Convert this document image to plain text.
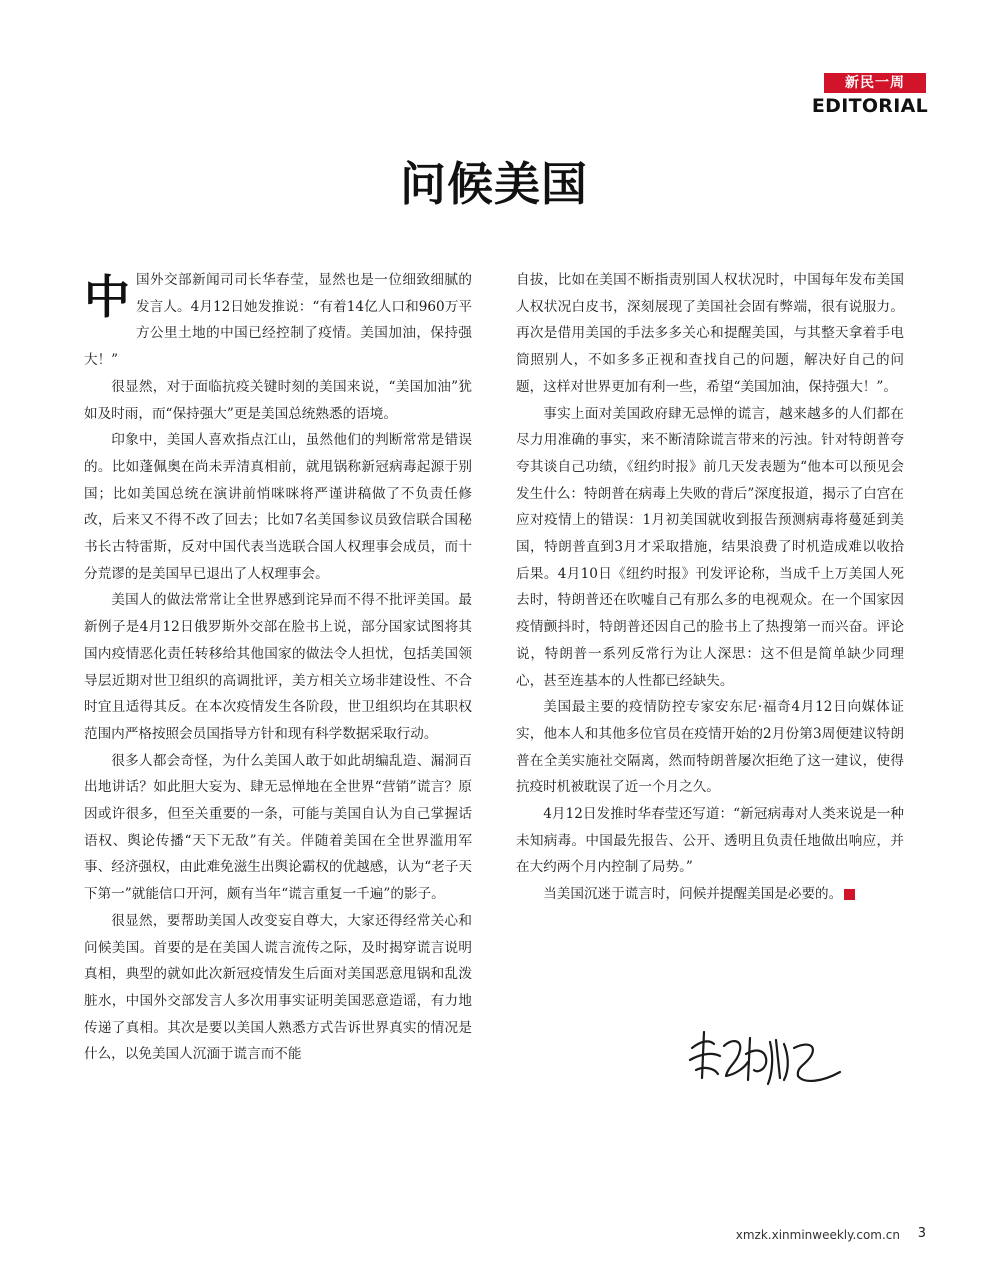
新民一周
EDITORIAL
问候美国

中国外交部新闻司司长华春莹，显然也是一位细致细腻的发言人。4月12日她发推说：“有着14亿人口和960万平方公里土地的中国已经控制了疫情。美国加油，保持强大！”

很显然，对于面临抗疫关键时刻的美国来说，“美国加油”犹如及时雨，而“保持强大”更是美国总统熟悉的语境。

印象中，美国人喜欢指点江山，虽然他们的判断常常是错误的。比如蓬佩奥在尚未弄清真相前，就甩锅称新冠病毒起源于别国；比如美国总统在演讲前悄咪咪将严谨讲稿做了不负责任修改，后来又不得不改了回去；比如7名美国参议员致信联合国秘书长古特雷斯，反对中国代表当选联合国人权理事会成员，而十分荒谬的是美国早已退出了人权理事会。

美国人的做法常常让全世界感到诧异而不得不批评美国。最新例子是4月12日俄罗斯外交部在脸书上说，部分国家试图将其国内疫情恶化责任转移给其他国家的做法令人担忧，包括美国领导层近期对世卫组织的高调批评，美方相关立场非建设性、不合时宜且适得其反。在本次疫情发生各阶段，世卫组织均在其职权范围内严格按照会员国指导方针和现有科学数据采取行动。

很多人都会奇怪，为什么美国人敢于如此胡编乱造、漏洞百出地讲话？如此胆大妄为、肆无忌惮地在全世界“营销”谎言？原因或许很多，但至关重要的一条，可能与美国自认为自己掌握话语权、舆论传播“天下无敌”有关。伴随着美国在全世界滥用军事、经济强权，由此难免滋生出舆论霸权的优越感，认为“老子天下第一”就能信口开河，颇有当年“谎言重复一千遍”的影子。

很显然，要帮助美国人改变妄自尊大，大家还得经常关心和问候美国。首要的是在美国人谎言流传之际，及时揭穿谎言说明真相，典型的就如此次新冠疫情发生后面对美国恶意甩锅和乱泼脏水，中国外交部发言人多次用事实证明美国恶意造谣，有力地传递了真相。其次是要以美国人熟悉方式告诉世界真实的情况是什么，以免美国人沉湎于谎言而不能

自拔，比如在美国不断指责别国人权状况时，中国每年发布美国人权状况白皮书，深刻展现了美国社会固有弊端，很有说服力。再次是借用美国的手法多多关心和提醒美国，与其整天拿着手电筒照别人，不如多多正视和查找自己的问题，解决好自己的问题，这样对世界更加有利一些，希望“美国加油，保持强大！”。

事实上面对美国政府肆无忌惮的谎言，越来越多的人们都在尽力用准确的事实，来不断清除谎言带来的污浊。针对特朗普夸夸其谈自己功绩，《纽约时报》前几天发表题为“他本可以预见会发生什么：特朗普在病毒上失败的背后”深度报道，揭示了白宫在应对疫情上的错误：1月初美国就收到报告预测病毒将蔓延到美国，特朗普直到3月才采取措施，结果浪费了时机造成难以收拾后果。4月10日《纽约时报》刊发评论称，当成千上万美国人死去时，特朗普还在吹嘘自己有那么多的电视观众。在一个国家因疫情颤抖时，特朗普还因自己的脸书上了热搜第一而兴奋。评论说，特朗普一系列反常行为让人深思：这不但是简单缺少同理心，甚至连基本的人性都已经缺失。

美国最主要的疫情防控专家安东尼·福奇4月12日向媒体证实，他本人和其他多位官员在疫情开始的2月份第3周便建议特朗普在全美实施社交隔离，然而特朗普屡次拒绝了这一建议，使得抗疫时机被耽误了近一个月之久。

4月12日发推时华春莹还写道：“新冠病毒对人类来说是一种未知病毒。中国最先报告、公开、透明且负责任地做出响应，并在大约两个月内控制了局势。”

当美国沉迷于谎言时，问候并提醒美国是必要的。	民

xmzk.xinminweekly.com.cn 3
